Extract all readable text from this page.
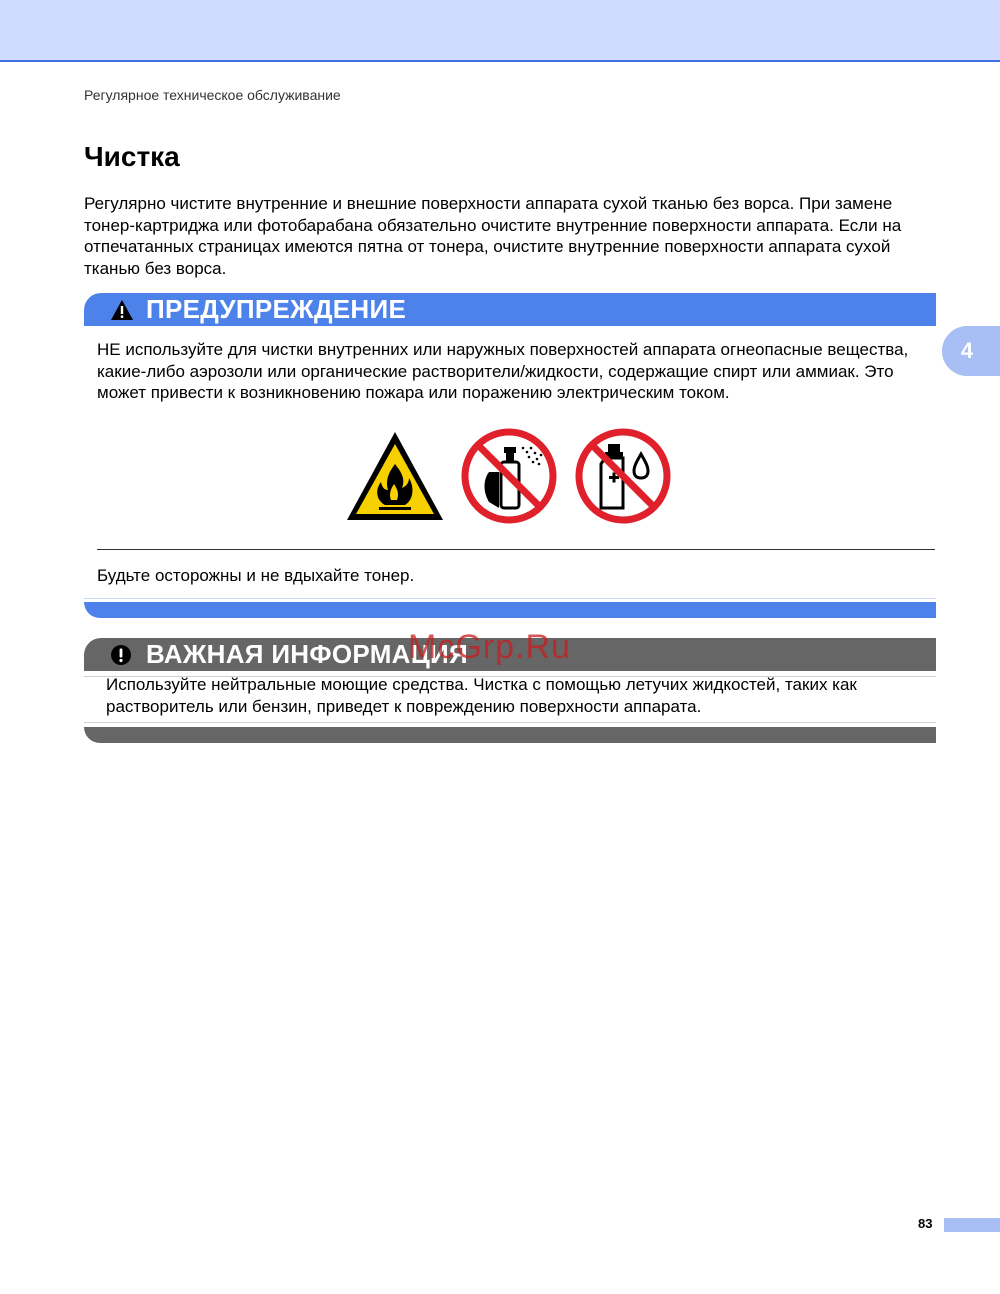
Регулярное техническое обслуживание
Чистка

Регулярно чистите внутренние и внешние поверхности аппарата сухой тканью без ворса. При замене тонер-картриджа или фотобарабана обязательно очистите внутренние поверхности аппарата. Если на отпечатанных страницах имеются пятна от тонера, очистите внутренние поверхности аппарата сухой тканью без ворса.

4
ПРЕДУПРЕЖДЕНИЕ

НЕ используйте для чистки внутренних или наружных поверхностей аппарата огнеопасные вещества, какие-либо аэрозоли или органические растворители/жидкости, содержащие спирт или аммиак. Это может привести к возникновению пожара или поражению электрическим током.

Будьте осторожны и не вдыхайте тонер.

ВАЖНАЯ ИНФОРМАЦИЯ

Используйте нейтральные моющие средства. Чистка с помощью летучих жидкостей, таких как растворитель или бензин, приведет к повреждению поверхности аппарата.

McGrp.Ru
83
